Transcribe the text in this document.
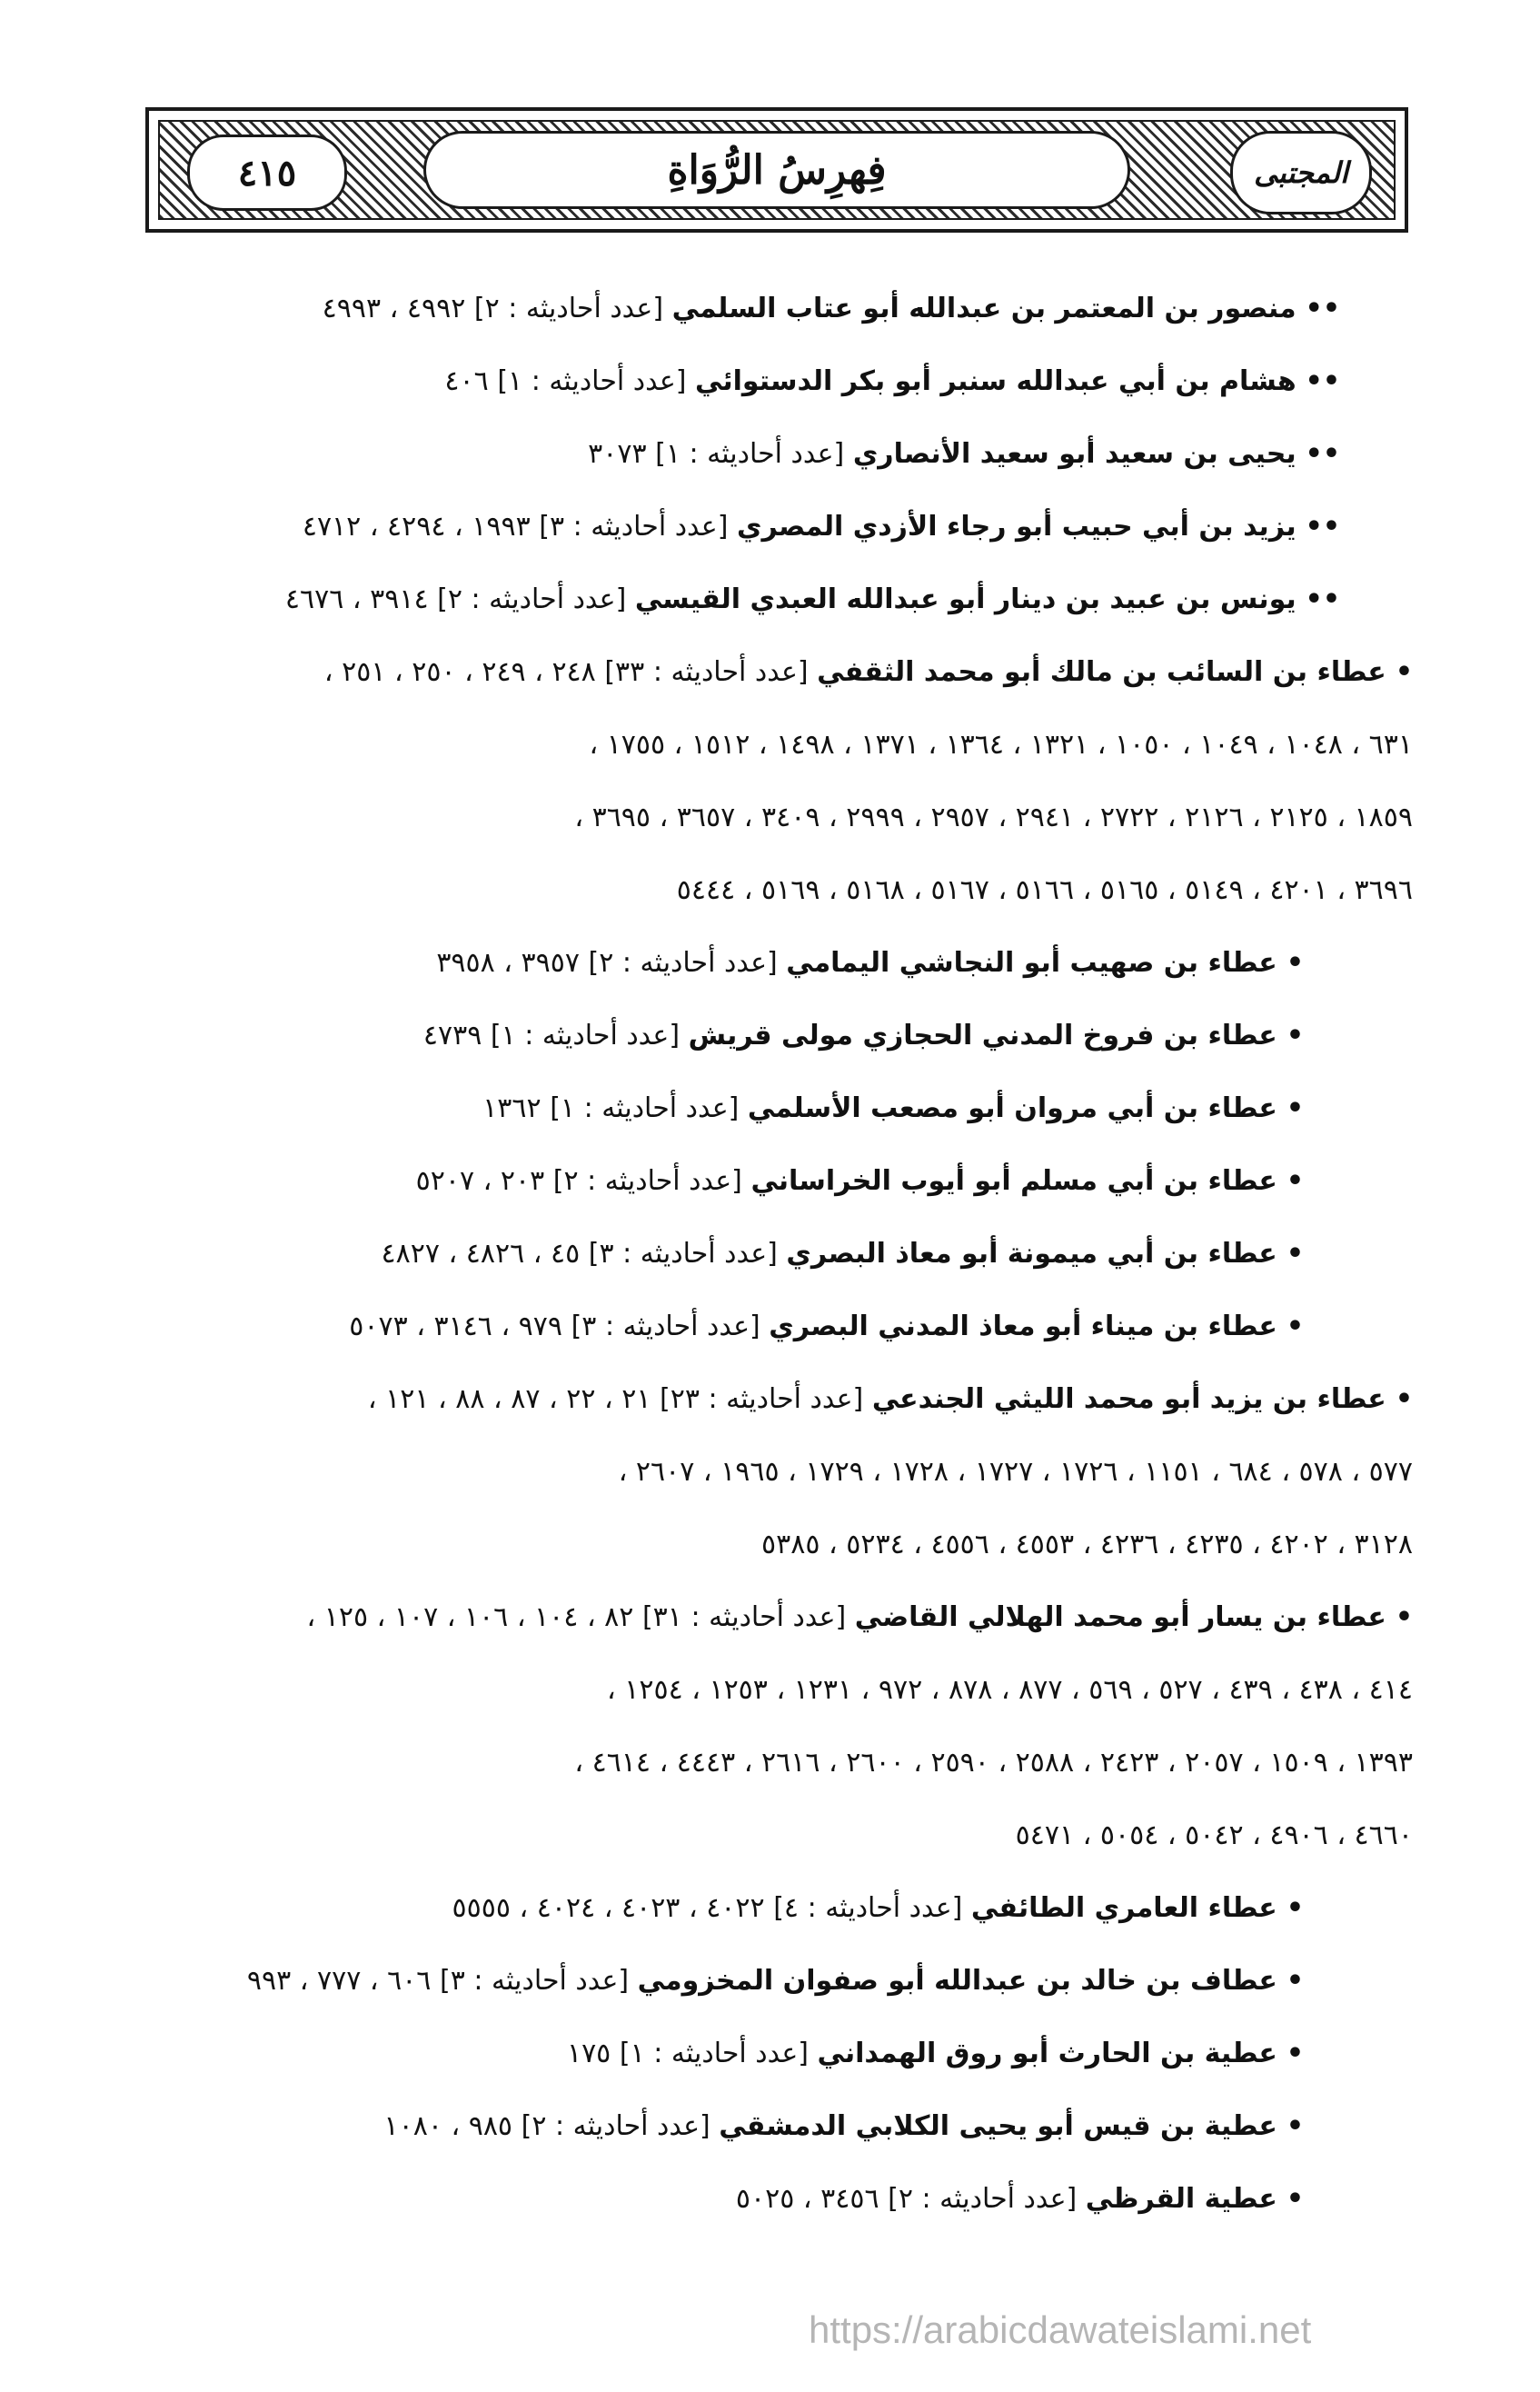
المجتبى
فِهرِسُ الرُّوَاةِ
٤١٥
••منصور بن المعتمر بن عبدالله أبو عتاب السلمي [عدد أحاديثه : ٢] ٤٩٩٢ ، ٤٩٩٣
••هشام بن أبي عبدالله سنبر أبو بكر الدستوائي [عدد أحاديثه : ١] ٤٠٦
••يحيى بن سعيد أبو سعيد الأنصاري [عدد أحاديثه : ١] ٣٠٧٣
••يزيد بن أبي حبيب أبو رجاء الأزدي المصري [عدد أحاديثه : ٣] ١٩٩٣ ، ٤٢٩٤ ، ٤٧١٢
••يونس بن عبيد بن دينار أبو عبدالله العبدي القيسي [عدد أحاديثه : ٢] ٣٩١٤ ، ٤٦٧٦
•عطاء بن السائب بن مالك أبو محمد الثقفي [عدد أحاديثه : ٣٣] ٢٤٨ ، ٢٤٩ ، ٢٥٠ ، ٢٥١ ،
٦٣١ ، ١٠٤٨ ، ١٠٤٩ ، ١٠٥٠ ، ١٣٢١ ، ١٣٦٤ ، ١٣٧١ ، ١٤٩٨ ، ١٥١٢ ، ١٧٥٥ ،
١٨٥٩ ، ٢١٢٥ ، ٢١٢٦ ، ٢٧٢٢ ، ٢٩٤١ ، ٢٩٥٧ ، ٢٩٩٩ ، ٣٤٠٩ ، ٣٦٥٧ ، ٣٦٩٥ ،
٣٦٩٦ ، ٤٢٠١ ، ٥١٤٩ ، ٥١٦٥ ، ٥١٦٦ ، ٥١٦٧ ، ٥١٦٨ ، ٥١٦٩ ، ٥٤٤٤
•عطاء بن صهيب أبو النجاشي اليمامي [عدد أحاديثه : ٢] ٣٩٥٧ ، ٣٩٥٨
•عطاء بن فروخ المدني الحجازي مولى قريش [عدد أحاديثه : ١] ٤٧٣٩
•عطاء بن أبي مروان أبو مصعب الأسلمي [عدد أحاديثه : ١] ١٣٦٢
•عطاء بن أبي مسلم أبو أيوب الخراساني [عدد أحاديثه : ٢] ٢٠٣ ، ٥٢٠٧
•عطاء بن أبي ميمونة أبو معاذ البصري [عدد أحاديثه : ٣] ٤٥ ، ٤٨٢٦ ، ٤٨٢٧
•عطاء بن ميناء أبو معاذ المدني البصري [عدد أحاديثه : ٣] ٩٧٩ ، ٣١٤٦ ، ٥٠٧٣
•عطاء بن يزيد أبو محمد الليثي الجندعي [عدد أحاديثه : ٢٣] ٢١ ، ٢٢ ، ٨٧ ، ٨٨ ، ١٢١ ،
٥٧٧ ، ٥٧٨ ، ٦٨٤ ، ١١٥١ ، ١٧٢٦ ، ١٧٢٧ ، ١٧٢٨ ، ١٧٢٩ ، ١٩٦٥ ، ٢٦٠٧ ،
٣١٢٨ ، ٤٢٠٢ ، ٤٢٣٥ ، ٤٢٣٦ ، ٤٥٥٣ ، ٤٥٥٦ ، ٥٢٣٤ ، ٥٣٨٥
•عطاء بن يسار أبو محمد الهلالي القاضي [عدد أحاديثه : ٣١] ٨٢ ، ١٠٤ ، ١٠٦ ، ١٠٧ ، ١٢٥ ،
٤١٤ ، ٤٣٨ ، ٤٣٩ ، ٥٢٧ ، ٥٦٩ ، ٨٧٧ ، ٨٧٨ ، ٩٧٢ ، ١٢٣١ ، ١٢٥٣ ، ١٢٥٤ ،
١٣٩٣ ، ١٥٠٩ ، ٢٠٥٧ ، ٢٤٢٣ ، ٢٥٨٨ ، ٢٥٩٠ ، ٢٦٠٠ ، ٢٦١٦ ، ٤٤٤٣ ، ٤٦١٤ ،
٤٦٦٠ ، ٤٩٠٦ ، ٥٠٤٢ ، ٥٠٥٤ ، ٥٤٧١
•عطاء العامري الطائفي [عدد أحاديثه : ٤] ٤٠٢٢ ، ٤٠٢٣ ، ٤٠٢٤ ، ٥٥٥٥
•عطاف بن خالد بن عبدالله أبو صفوان المخزومي [عدد أحاديثه : ٣] ٦٠٦ ، ٧٧٧ ، ٩٩٣
•عطية بن الحارث أبو روق الهمداني [عدد أحاديثه : ١] ١٧٥
•عطية بن قيس أبو يحيى الكلابي الدمشقي [عدد أحاديثه : ٢] ٩٨٥ ، ١٠٨٠
•عطية القرظي [عدد أحاديثه : ٢] ٣٤٥٦ ، ٥٠٢٥
https://arabicdawateislami.net
